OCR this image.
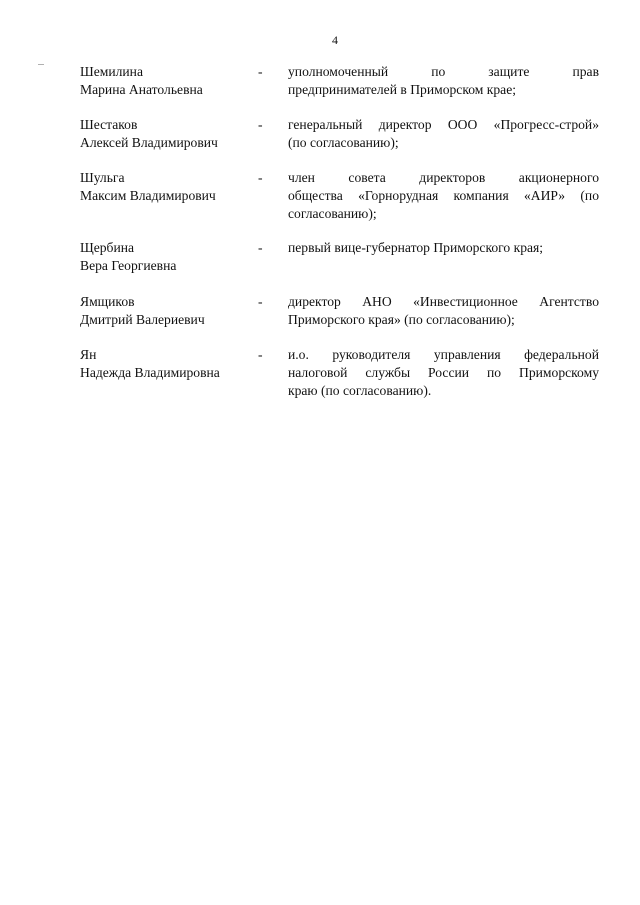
4
Шемилина
Марина Анатольевна
- уполномоченный по защите прав
предпринимателей в Приморском крае;
Шестаков
Алексей Владимирович
- генеральный директор ООО «Прогресс-строй»
(по согласованию);
Шульга
Максим Владимирович
- член совета директоров акционерного
общества «Горнорудная компания «АИР» (по
согласованию);
Щербина
Вера Георгиевна
- первый вице-губернатор Приморского края;
Ямщиков
Дмитрий Валериевич
- директор АНО «Инвестиционное Агентство
Приморского края» (по согласованию);
Ян
Надежда Владимировна
- и.о. руководителя управления федеральной
налоговой службы России по Приморскому
краю (по согласованию).
